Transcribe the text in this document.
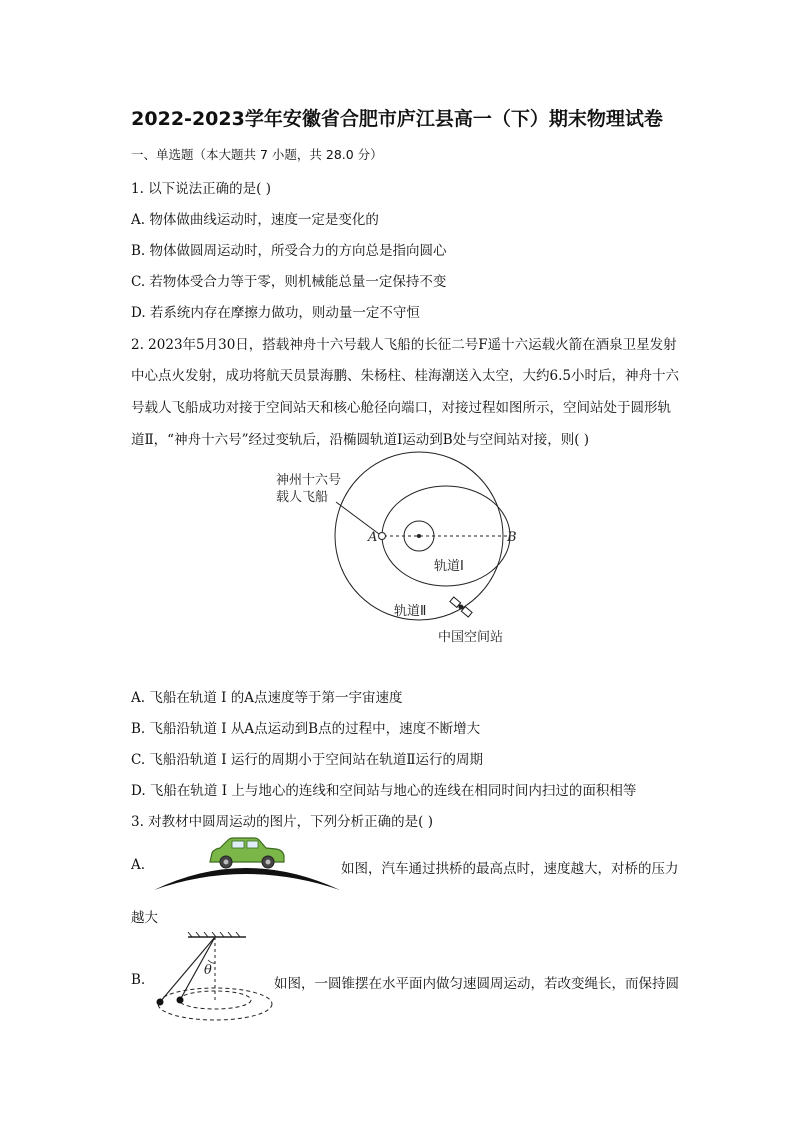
2022-2023学年安徽省合肥市庐江县高一（下）期末物理试卷
一、单选题（本大题共 7 小题，共 28.0 分）
1. 以下说法正确的是( )
A. 物体做曲线运动时，速度一定是变化的
B. 物体做圆周运动时，所受合力的方向总是指向圆心
C. 若物体受合力等于零，则机械能总量一定保持不变
D. 若系统内存在摩擦力做功，则动量一定不守恒
2. 2023年5月30日，搭载神舟十六号载人飞船的长征二号F遥十六运载火箭在酒泉卫星发射
中心点火发射，成功将航天员景海鹏、朱杨柱、桂海潮送入太空，大约6.5小时后，神舟十六
号载人飞船成功对接于空间站天和核心舱径向端口，对接过程如图所示，空间站处于圆形轨
道Ⅱ，“神舟十六号”经过变轨后，沿椭圆轨道I运动到B处与空间站对接，则( )
神州十六号
载人飞船
A	B
轨道I
轨道Ⅱ
中国空间站
A. 飞船在轨道 I 的A点速度等于第一宇宙速度
B. 飞船沿轨道 I 从A点运动到B点的过程中，速度不断增大
C. 飞船沿轨道 I 运行的周期小于空间站在轨道Ⅱ运行的周期
D. 飞船在轨道 I 上与地心的连线和空间站与地心的连线在相同时间内扫过的面积相等
3. 对教材中圆周运动的图片，下列分析正确的是( )
A.	如图，汽车通过拱桥的最高点时，速度越大，对桥的压力
越大
B.
θ
如图，一圆锥摆在水平面内做匀速圆周运动，若改变绳长，而保持圆
